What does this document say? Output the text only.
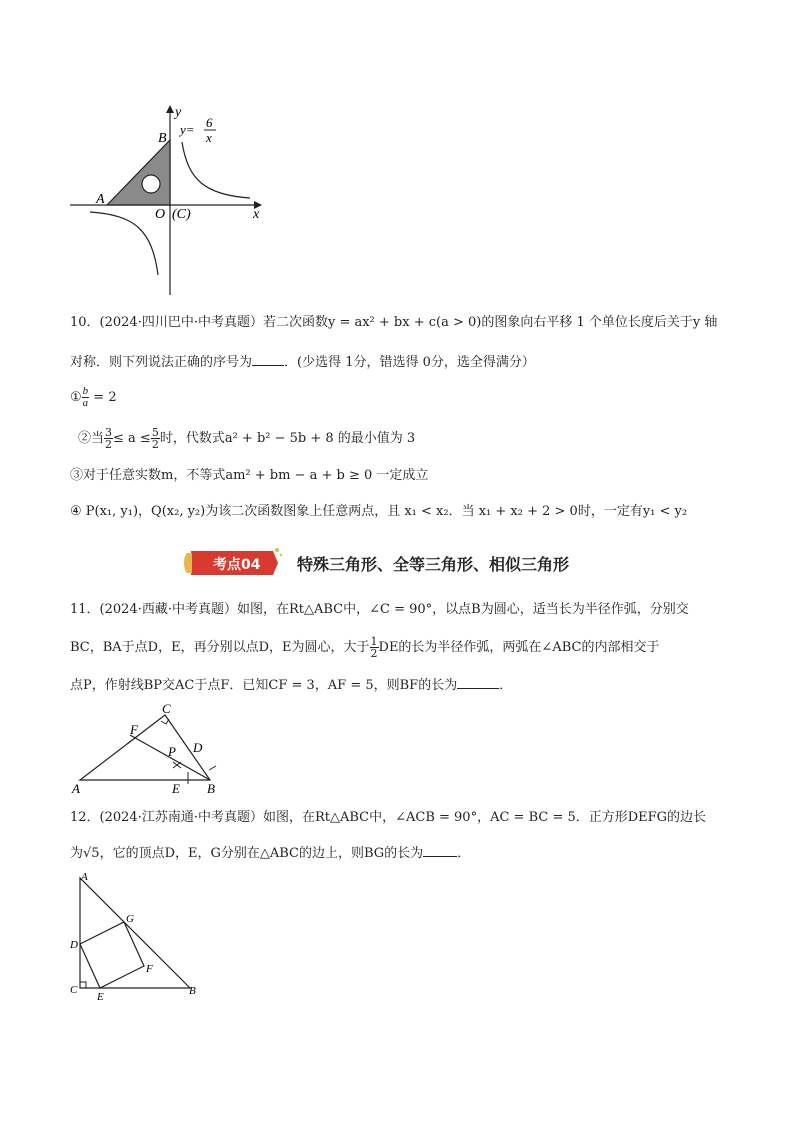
y
x
A
B
O (C)
y= 6
x
10．(2024·四川巴中·中考真题）若二次函数y = ax² + bx + c(a > 0)的图象向右平移 1 个单位长度后关于y 轴
对称．则下列说法正确的序号为 ．(少选得 1分，错选得 0分，选全得满分）
① $\frac{b}{a} = 2$
②当 $\frac{3}{2} \le a \le \frac{5}{2}$ 时，代数式a² + b² − 5b + 8 的最小值为 3
③对于任意实数m，不等式am² + bm − a + b ≥ 0 一定成立
④ P(x₁, y₁)，Q(x₂, y₂)为该二次函数图象上任意两点，且 x₁ < x₂．当 x₁ + x₂ + 2 > 0时，一定有y₁ < y₂
考点04 特殊三角形、全等三角形、相似三角形
11．(2024·西藏·中考真题）如图，在Rt△ABC中，∠C = 90°，以点B为圆心，适当长为半径作弧，分别交
BC，BA于点D，E，再分别以点D，E为圆心，大于 $\frac{1}{2}$ DE的长为半径作弧，两弧在∠ABC的内部相交于
点P，作射线BP交AC于点F．已知CF = 3，AF = 5，则BF的长为	．
A	B
C
D
E
F
P
12．(2024·江苏南通·中考真题）如图，在Rt△ABC中，∠ACB = 90°，AC = BC = 5．正方形DEFG的边长
为√5，它的顶点D，E，G分别在△ABC的边上，则BG的长为	．
A
B
C
D
E
F
G
